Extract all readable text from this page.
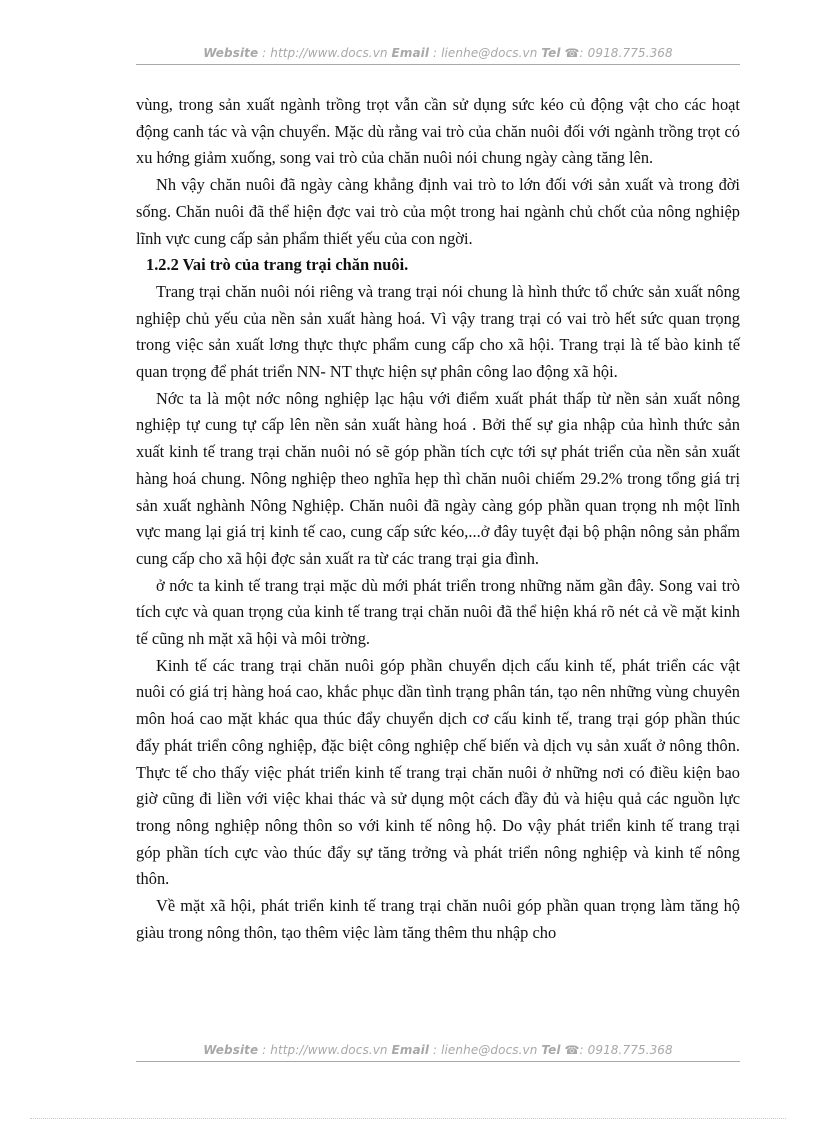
Website : http://www.docs.vn Email : lienhe@docs.vn Tel ☎: 0918.775.368

vùng, trong sản xuất ngành trồng trọt vẫn cần sử dụng sức kéo củ động vật cho các hoạt động canh tác và vận chuyển. Mặc dù rằng vai trò của chăn nuôi đối với ngành trồng trọt có xu hớng giảm xuống, song vai trò của chăn nuôi nói chung ngày càng tăng lên.

Nh vậy chăn nuôi đã ngày càng khẳng định vai trò to lớn đối với sản xuất và trong đời sống. Chăn nuôi đã thể hiện đợc vai trò của một trong hai ngành chủ chốt của nông nghiệp lĩnh vực cung cấp sản phẩm thiết yếu của con ngời.

1.2.2 Vai trò của trang trại chăn nuôi.

Trang trại chăn nuôi nói riêng và trang trại nói chung là hình thức tổ chức sản xuất nông nghiệp chủ yếu của nền sản xuất hàng hoá. Vì vậy trang trại có vai trò hết sức quan trọng trong việc sản xuất lơng thực thực phẩm cung cấp cho xã hội. Trang trại là tế bào kinh tế quan trọng để phát triển NN- NT thực hiện sự phân công lao động xã hội.

Nớc ta là một nớc nông nghiệp lạc hậu với điểm xuất phát thấp từ nền sản xuất nông nghiệp tự cung tự cấp lên nền sản xuất hàng hoá . Bởi thế sự gia nhập của hình thức sản xuất kinh tế trang trại chăn nuôi nó sẽ góp phần tích cực tới sự phát triển của nền sản xuất hàng hoá chung. Nông nghiệp theo nghĩa hẹp thì chăn nuôi chiếm 29.2% trong tổng giá trị sản xuất nghành Nông Nghiệp. Chăn nuôi đã ngày càng góp phần quan trọng nh một lĩnh vực mang lại giá trị kinh tế cao, cung cấp sức kéo,...ở đây tuyệt đại bộ phận nông sản phẩm cung cấp cho xã hội đợc sản xuất ra từ các trang trại gia đình.

ở nớc ta kinh tế trang trại mặc dù mới phát triển trong những năm gần đây. Song vai trò tích cực và quan trọng của kinh tế trang trại chăn nuôi đã thể hiện khá rõ nét cả về mặt kinh tế cũng nh mặt xã hội và môi trờng.

Kinh tế các trang trại chăn nuôi góp phần chuyển dịch cấu kinh tế, phát triển các vật nuôi có giá trị hàng hoá cao, khắc phục dần tình trạng phân tán, tạo nên những vùng chuyên môn hoá cao mặt khác qua thúc đẩy chuyển dịch cơ cấu kinh tế, trang trại góp phần thúc đẩy phát triển công nghiệp, đặc biệt công nghiệp chế biến và dịch vụ sản xuất ở nông thôn. Thực tế cho thấy việc phát triển kinh tế trang trại chăn nuôi ở những nơi có điều kiện bao giờ cũng đi liền với việc khai thác và sử dụng một cách đầy đủ và hiệu quả các nguồn lực trong nông nghiệp nông thôn so với kinh tế nông hộ. Do vậy phát triển kinh tế trang trại góp phần tích cực vào thúc đẩy sự tăng trởng và phát triển nông nghiệp và kinh tế nông thôn.

Về mặt xã hội, phát triển kinh tế trang trại chăn nuôi góp phần quan trọng làm tăng hộ giàu trong nông thôn, tạo thêm việc làm tăng thêm thu nhập cho

Website : http://www.docs.vn Email : lienhe@docs.vn Tel ☎: 0918.775.368
